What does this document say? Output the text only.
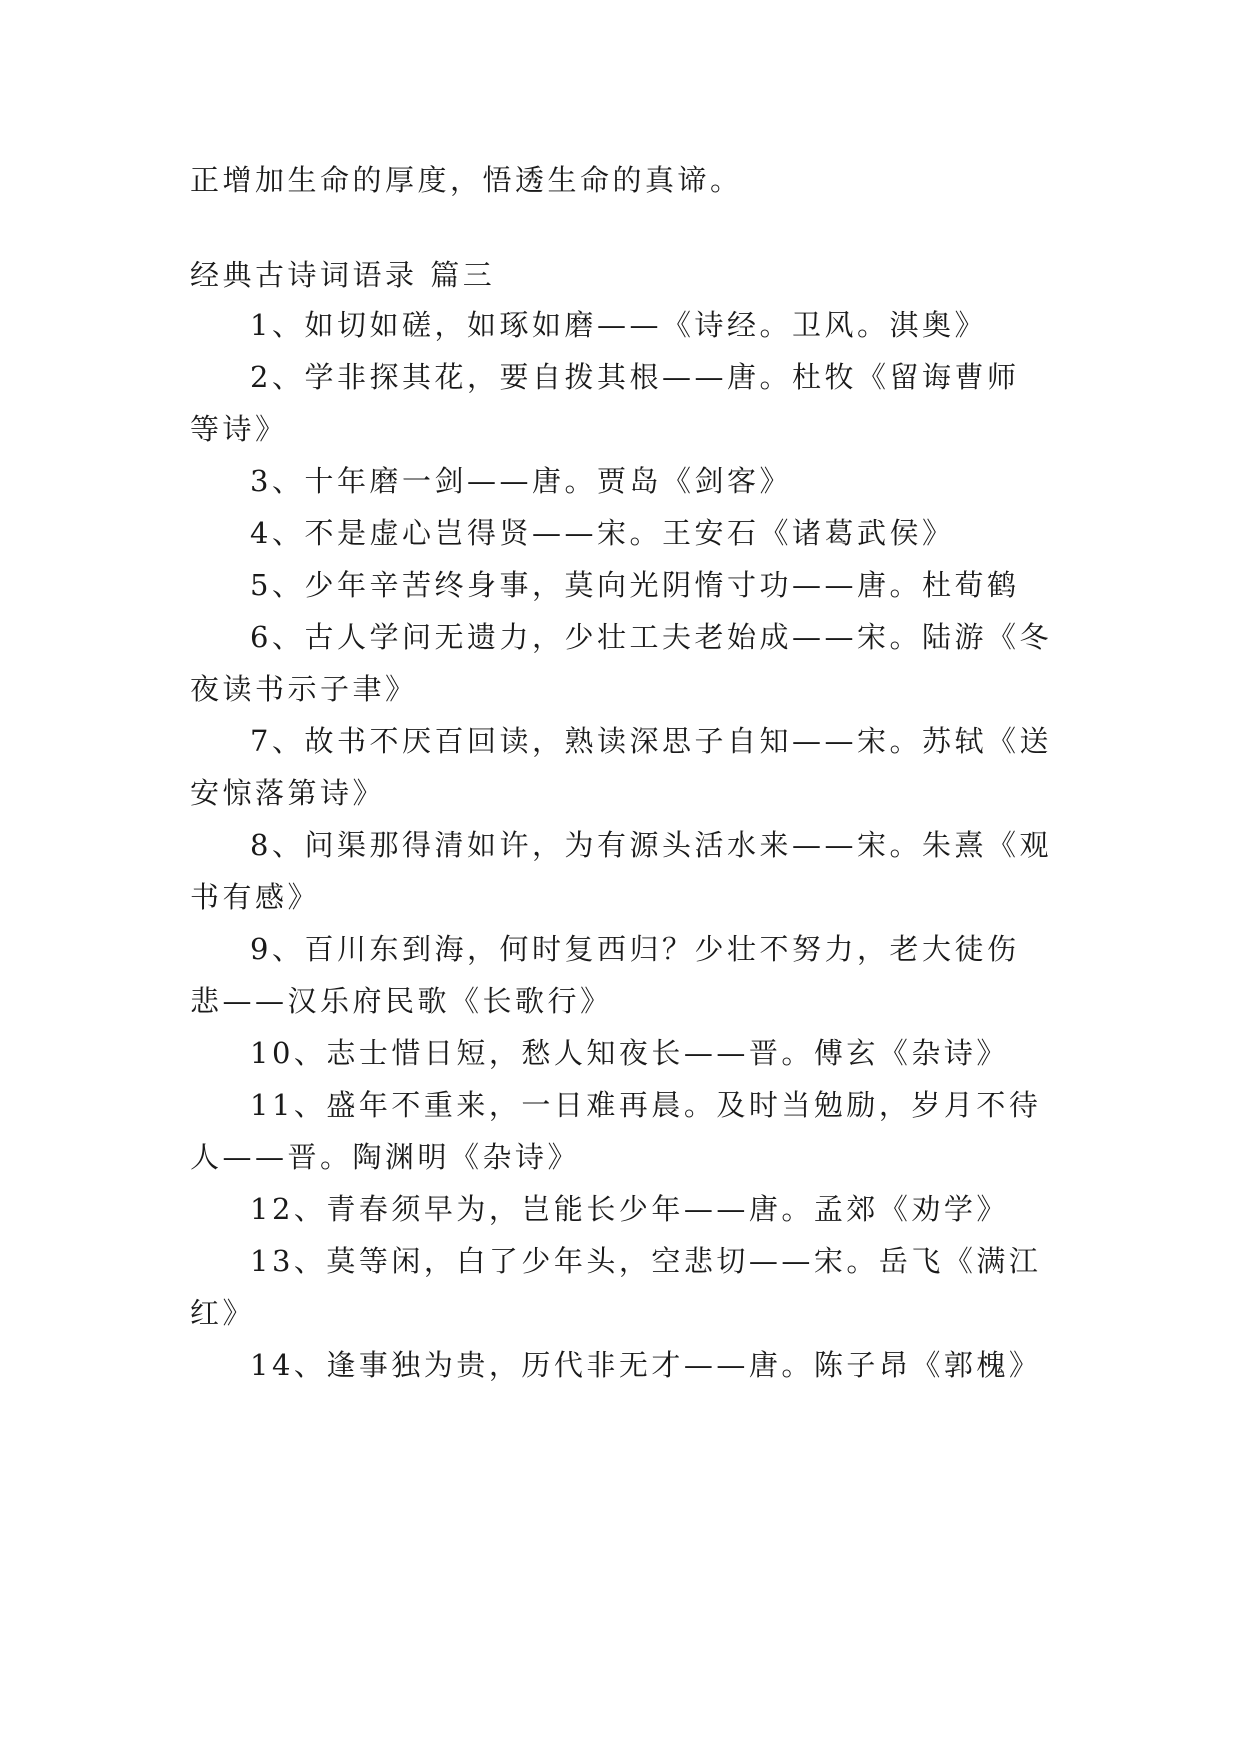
正增加生命的厚度，悟透生命的真谛。
经典古诗词语录 篇三
1、如切如磋，如琢如磨——《诗经。卫风。淇奥》
2、学非探其花，要自拨其根——唐。杜牧《留诲曹师
等诗》
3、十年磨一剑——唐。贾岛《剑客》
4、不是虚心岂得贤——宋。王安石《诸葛武侯》
5、少年辛苦终身事，莫向光阴惰寸功——唐。杜荀鹤
6、古人学问无遗力，少壮工夫老始成——宋。陆游《冬
夜读书示子聿》
7、故书不厌百回读，熟读深思子自知——宋。苏轼《送
安惊落第诗》
8、问渠那得清如许，为有源头活水来——宋。朱熹《观
书有感》
9、百川东到海，何时复西归？少壮不努力，老大徒伤
悲——汉乐府民歌《长歌行》
10、志士惜日短，愁人知夜长——晋。傅玄《杂诗》
11、盛年不重来，一日难再晨。及时当勉励，岁月不待
人——晋。陶渊明《杂诗》
12、青春须早为，岂能长少年——唐。孟郊《劝学》
13、莫等闲，白了少年头，空悲切——宋。岳飞《满江
红》
14、逢事独为贵，历代非无才——唐。陈子昂《郭槐》
